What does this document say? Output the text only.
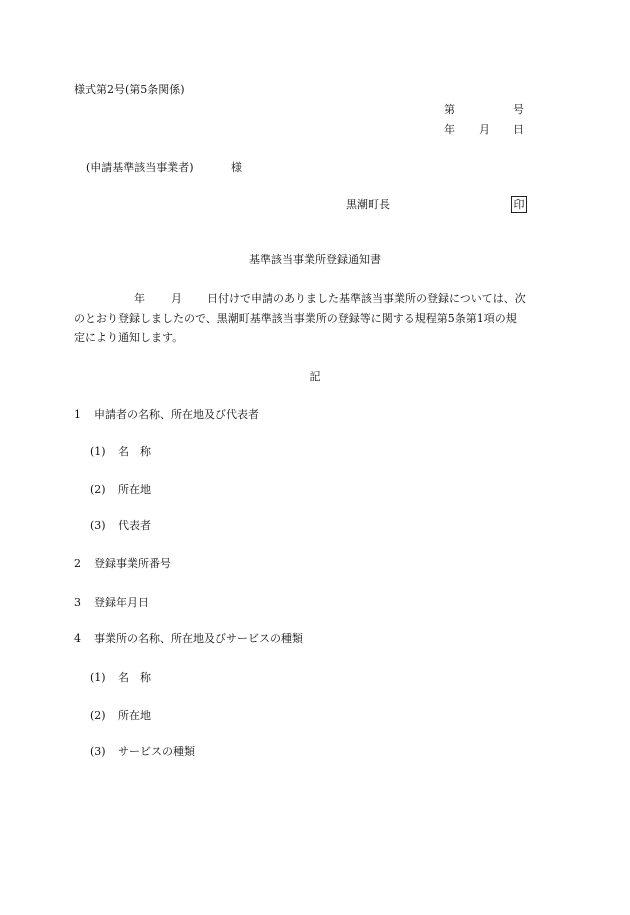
様式第2号(第5条関係)
第	号
年 月 日
(申請基準該当事業者)	様
黒潮町長	印
基準該当事業所登録通知書
年 月 日付けで申請のありました基準該当事業所の登録については、次
のとおり登録しましたので、黒潮町基準該当事業所の登録等に関する規程第5条第1項の規
定により通知します。
記
1 申請者の名称、所在地及び代表者
(1) 名　称
(2) 所在地
(3) 代表者
2 登録事業所番号
3 登録年月日
4 事業所の名称、所在地及びサービスの種類
(1) 名　称
(2) 所在地
(3) サービスの種類
